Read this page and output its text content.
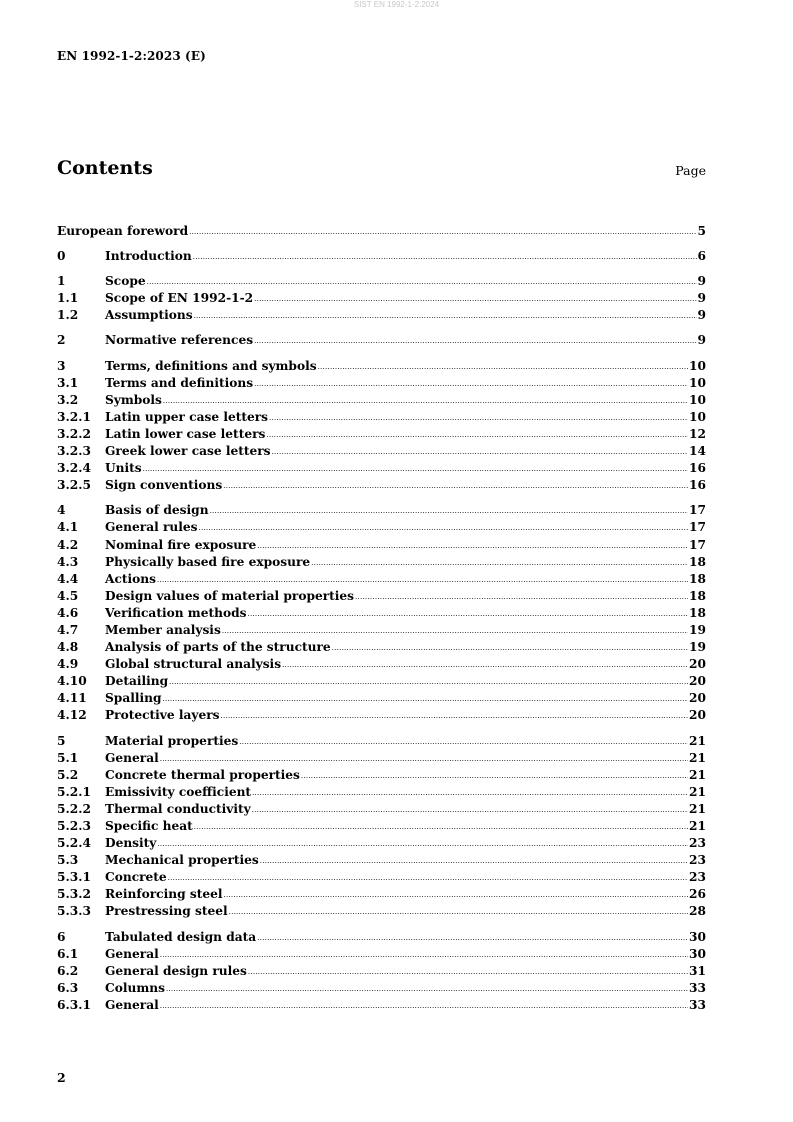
SIST EN 1992-1-2:2024
EN 1992-1-2:2023 (E)
Contents	Page
European foreword .....	5
0	Introduction .....	6
1	Scope .....	9
1.1	Scope of EN 1992-1-2 .....	9
1.2	Assumptions .....	9
2	Normative references .....	9
3	Terms, definitions and symbols .....	10
3.1	Terms and definitions .....	10
3.2	Symbols .....	10
3.2.1	Latin upper case letters .....	10
3.2.2	Latin lower case letters .....	12
3.2.3	Greek lower case letters .....	14
3.2.4	Units .....	16
3.2.5	Sign conventions .....	16
4	Basis of design .....	17
4.1	General rules .....	17
4.2	Nominal fire exposure .....	17
4.3	Physically based fire exposure .....	18
4.4	Actions .....	18
4.5	Design values of material properties .....	18
4.6	Verification methods .....	18
4.7	Member analysis .....	19
4.8	Analysis of parts of the structure .....	19
4.9	Global structural analysis .....	20
4.10	Detailing .....	20
4.11	Spalling .....	20
4.12	Protective layers .....	20
5	Material properties .....	21
5.1	General .....	21
5.2	Concrete thermal properties .....	21
5.2.1	Emissivity coefficient .....	21
5.2.2	Thermal conductivity .....	21
5.2.3	Specific heat .....	21
5.2.4	Density .....	23
5.3	Mechanical properties .....	23
5.3.1	Concrete .....	23
5.3.2	Reinforcing steel .....	26
5.3.3	Prestressing steel .....	28
6	Tabulated design data .....	30
6.1	General .....	30
6.2	General design rules .....	31
6.3	Columns .....	33
6.3.1	General .....	33
2
